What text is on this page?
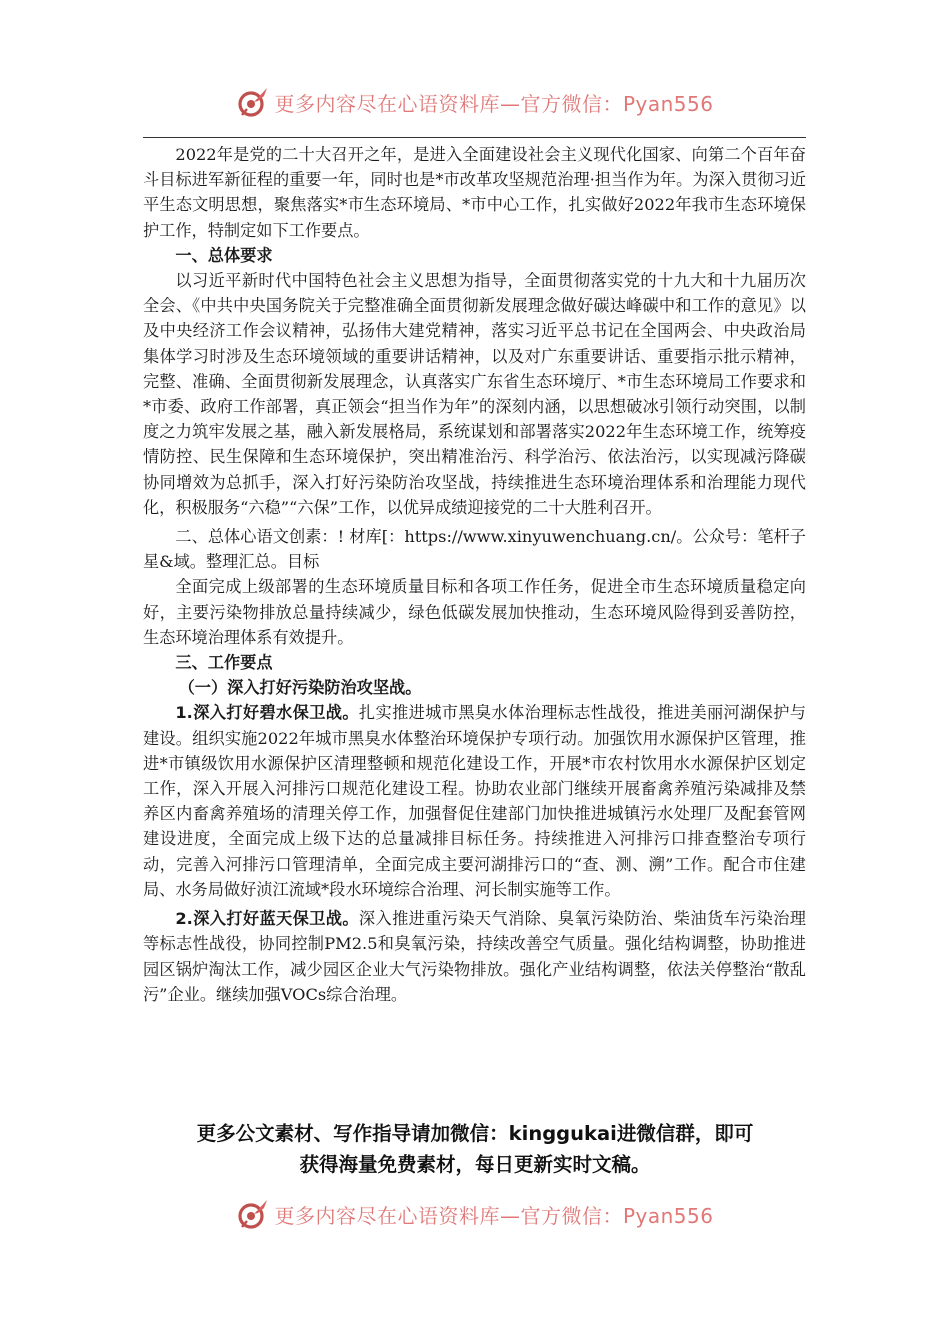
更多内容尽在心语资料库—官方微信：Pyan556

2022年是党的二十大召开之年，是进入全面建设社会主义现代化国家、向第二个百年奋斗目标进军新征程的重要一年，同时也是*市改革攻坚规范治理·担当作为年。为深入贯彻习近平生态文明思想，聚焦落实*市生态环境局、*市中心工作，扎实做好2022年我市生态环境保护工作，特制定如下工作要点。

一、总体要求

以习近平新时代中国特色社会主义思想为指导，全面贯彻落实党的十九大和十九届历次全会、《中共中央国务院关于完整准确全面贯彻新发展理念做好碳达峰碳中和工作的意见》以及中央经济工作会议精神，弘扬伟大建党精神，落实习近平总书记在全国两会、中央政治局集体学习时涉及生态环境领域的重要讲话精神，以及对广东重要讲话、重要指示批示精神，完整、准确、全面贯彻新发展理念，认真落实广东省生态环境厅、*市生态环境局工作要求和*市委、政府工作部署，真正领会“担当作为年”的深刻内涵，以思想破冰引领行动突围，以制度之力筑牢发展之基，融入新发展格局，系统谋划和部署落实2022年生态环境工作，统筹疫情防控、民生保障和生态环境保护，突出精准治污、科学治污、依法治污，以实现减污降碳协同增效为总抓手，深入打好污染防治攻坚战，持续推进生态环境治理体系和治理能力现代化，积极服务“六稳”“六保”工作，以优异成绩迎接党的二十大胜利召开。

二、总体心语文创素：! 材库[：https://www.xinyuwenchuang.cn/。公众号：笔杆子星&域。整理汇总。目标

全面完成上级部署的生态环境质量目标和各项工作任务，促进全市生态环境质量稳定向好，主要污染物排放总量持续减少，绿色低碳发展加快推动，生态环境风险得到妥善防控，生态环境治理体系有效提升。

三、工作要点

（一）深入打好污染防治攻坚战。

1.深入打好碧水保卫战。扎实推进城市黑臭水体治理标志性战役，推进美丽河湖保护与建设。组织实施2022年城市黑臭水体整治环境保护专项行动。加强饮用水源保护区管理，推进*市镇级饮用水源保护区清理整顿和规范化建设工作，开展*市农村饮用水水源保护区划定工作，深入开展入河排污口规范化建设工程。协助农业部门继续开展畜禽养殖污染减排及禁养区内畜禽养殖场的清理关停工作，加强督促住建部门加快推进城镇污水处理厂及配套管网建设进度，全面完成上级下达的总量减排目标任务。持续推进入河排污口排查整治专项行动，完善入河排污口管理清单，全面完成主要河湖排污口的“查、测、溯”工作。配合市住建局、水务局做好浈江流域*段水环境综合治理、河长制实施等工作。

2.深入打好蓝天保卫战。深入推进重污染天气消除、臭氧污染防治、柴油货车污染治理等标志性战役，协同控制PM2.5和臭氧污染，持续改善空气质量。强化结构调整，协助推进园区锅炉淘汰工作，减少园区企业大气污染物排放。强化产业结构调整，依法关停整治“散乱污”企业。继续加强VOCs综合治理。

更多公文素材、写作指导请加微信：kinggukai进微信群，即可
获得海量免费素材，每日更新实时文稿。
更多内容尽在心语资料库—官方微信：Pyan556
